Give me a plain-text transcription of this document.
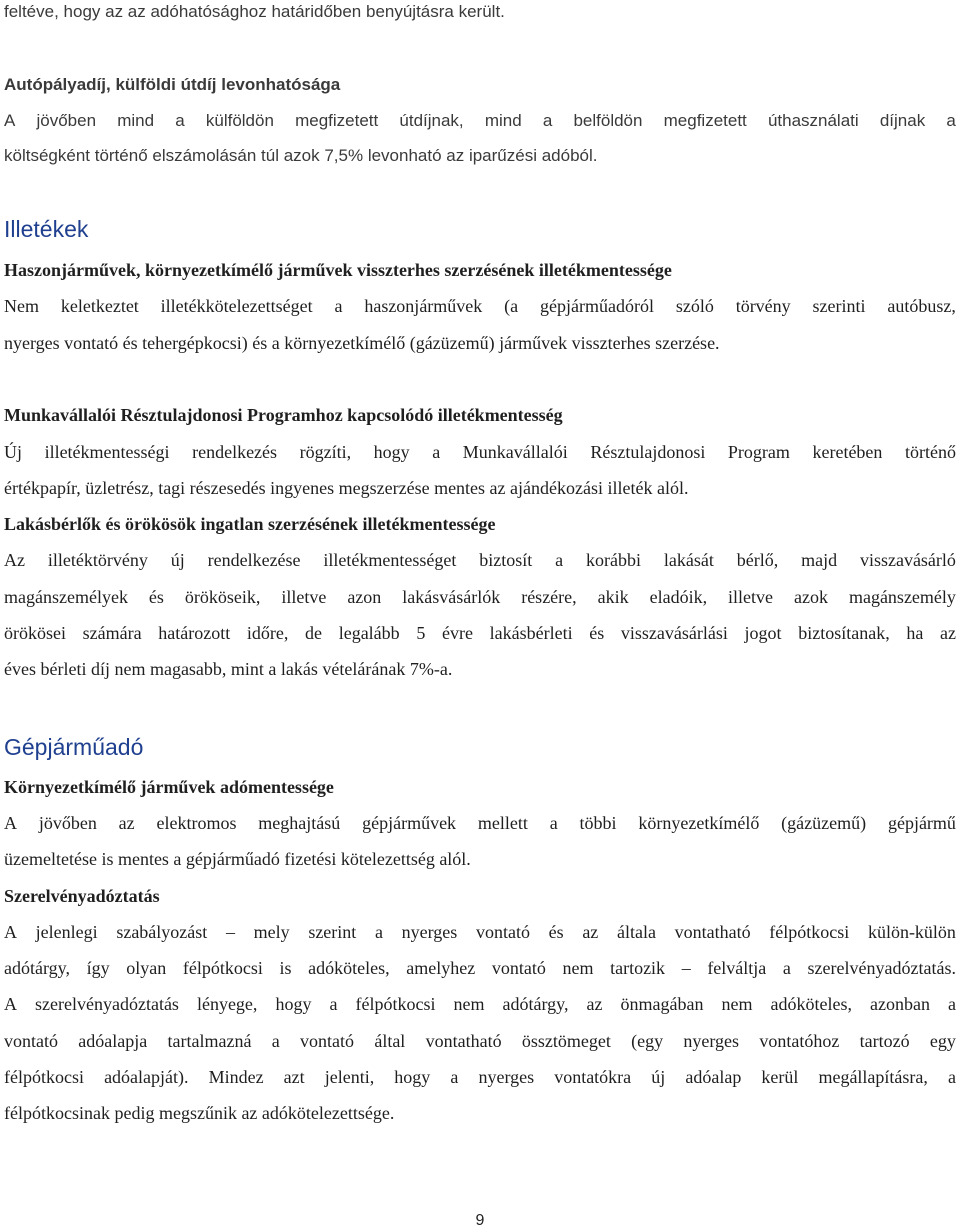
feltéve, hogy az az adóhatósághoz határidőben benyújtásra került.
Autópályadíj, külföldi útdíj levonhatósága
A jövőben mind a külföldön megfizetett útdíjnak, mind a belföldön megfizetett úthasználati díjnak a
költségként történő elszámolásán túl azok 7,5% levonható az iparűzési adóból.
Illetékek
Haszonjárművek, környezetkímélő járművek visszterhes szerzésének illetékmentessége
Nem keletkeztet illetékkötelezettséget a haszonjárművek (a gépjárműadóról szóló törvény szerinti autóbusz,
nyerges vontató és tehergépkocsi) és a környezetkímélő (gázüzemű) járművek visszterhes szerzése.
Munkavállalói Résztulajdonosi Programhoz kapcsolódó illetékmentesség
Új illetékmentességi rendelkezés rögzíti, hogy a Munkavállalói Résztulajdonosi Program keretében történő
értékpapír, üzletrész, tagi részesedés ingyenes megszerzése mentes az ajándékozási illeték alól.
Lakásbérlők és örökösök ingatlan szerzésének illetékmentessége
Az illetéktörvény új rendelkezése illetékmentességet biztosít a korábbi lakását bérlő, majd visszavásárló
magánszemélyek és örököseik, illetve azon lakásvásárlók részére, akik eladóik, illetve azok magánszemély
örökösei számára határozott időre, de legalább 5 évre lakásbérleti és visszavásárlási jogot biztosítanak, ha az
éves bérleti díj nem magasabb, mint a lakás vételárának 7%-a.
Gépjárműadó
Környezetkímélő járművek adómentessége
A jövőben az elektromos meghajtású gépjárművek mellett a többi környezetkímélő (gázüzemű) gépjármű
üzemeltetése is mentes a gépjárműadó fizetési kötelezettség alól.
Szerelvényadóztatás
A jelenlegi szabályozást – mely szerint a nyerges vontató és az általa vontatható félpótkocsi külön-külön
adótárgy, így olyan félpótkocsi is adóköteles, amelyhez vontató nem tartozik – felváltja a szerelvényadóztatás.
A szerelvényadóztatás lényege, hogy a félpótkocsi nem adótárgy, az önmagában nem adóköteles, azonban a
vontató adóalapja tartalmazná a vontató által vontatható össztömeget (egy nyerges vontatóhoz tartozó egy
félpótkocsi adóalapját). Mindez azt jelenti, hogy a nyerges vontatókra új adóalap kerül megállapításra, a
félpótkocsinak pedig megszűnik az adókötelezettsége.
9
